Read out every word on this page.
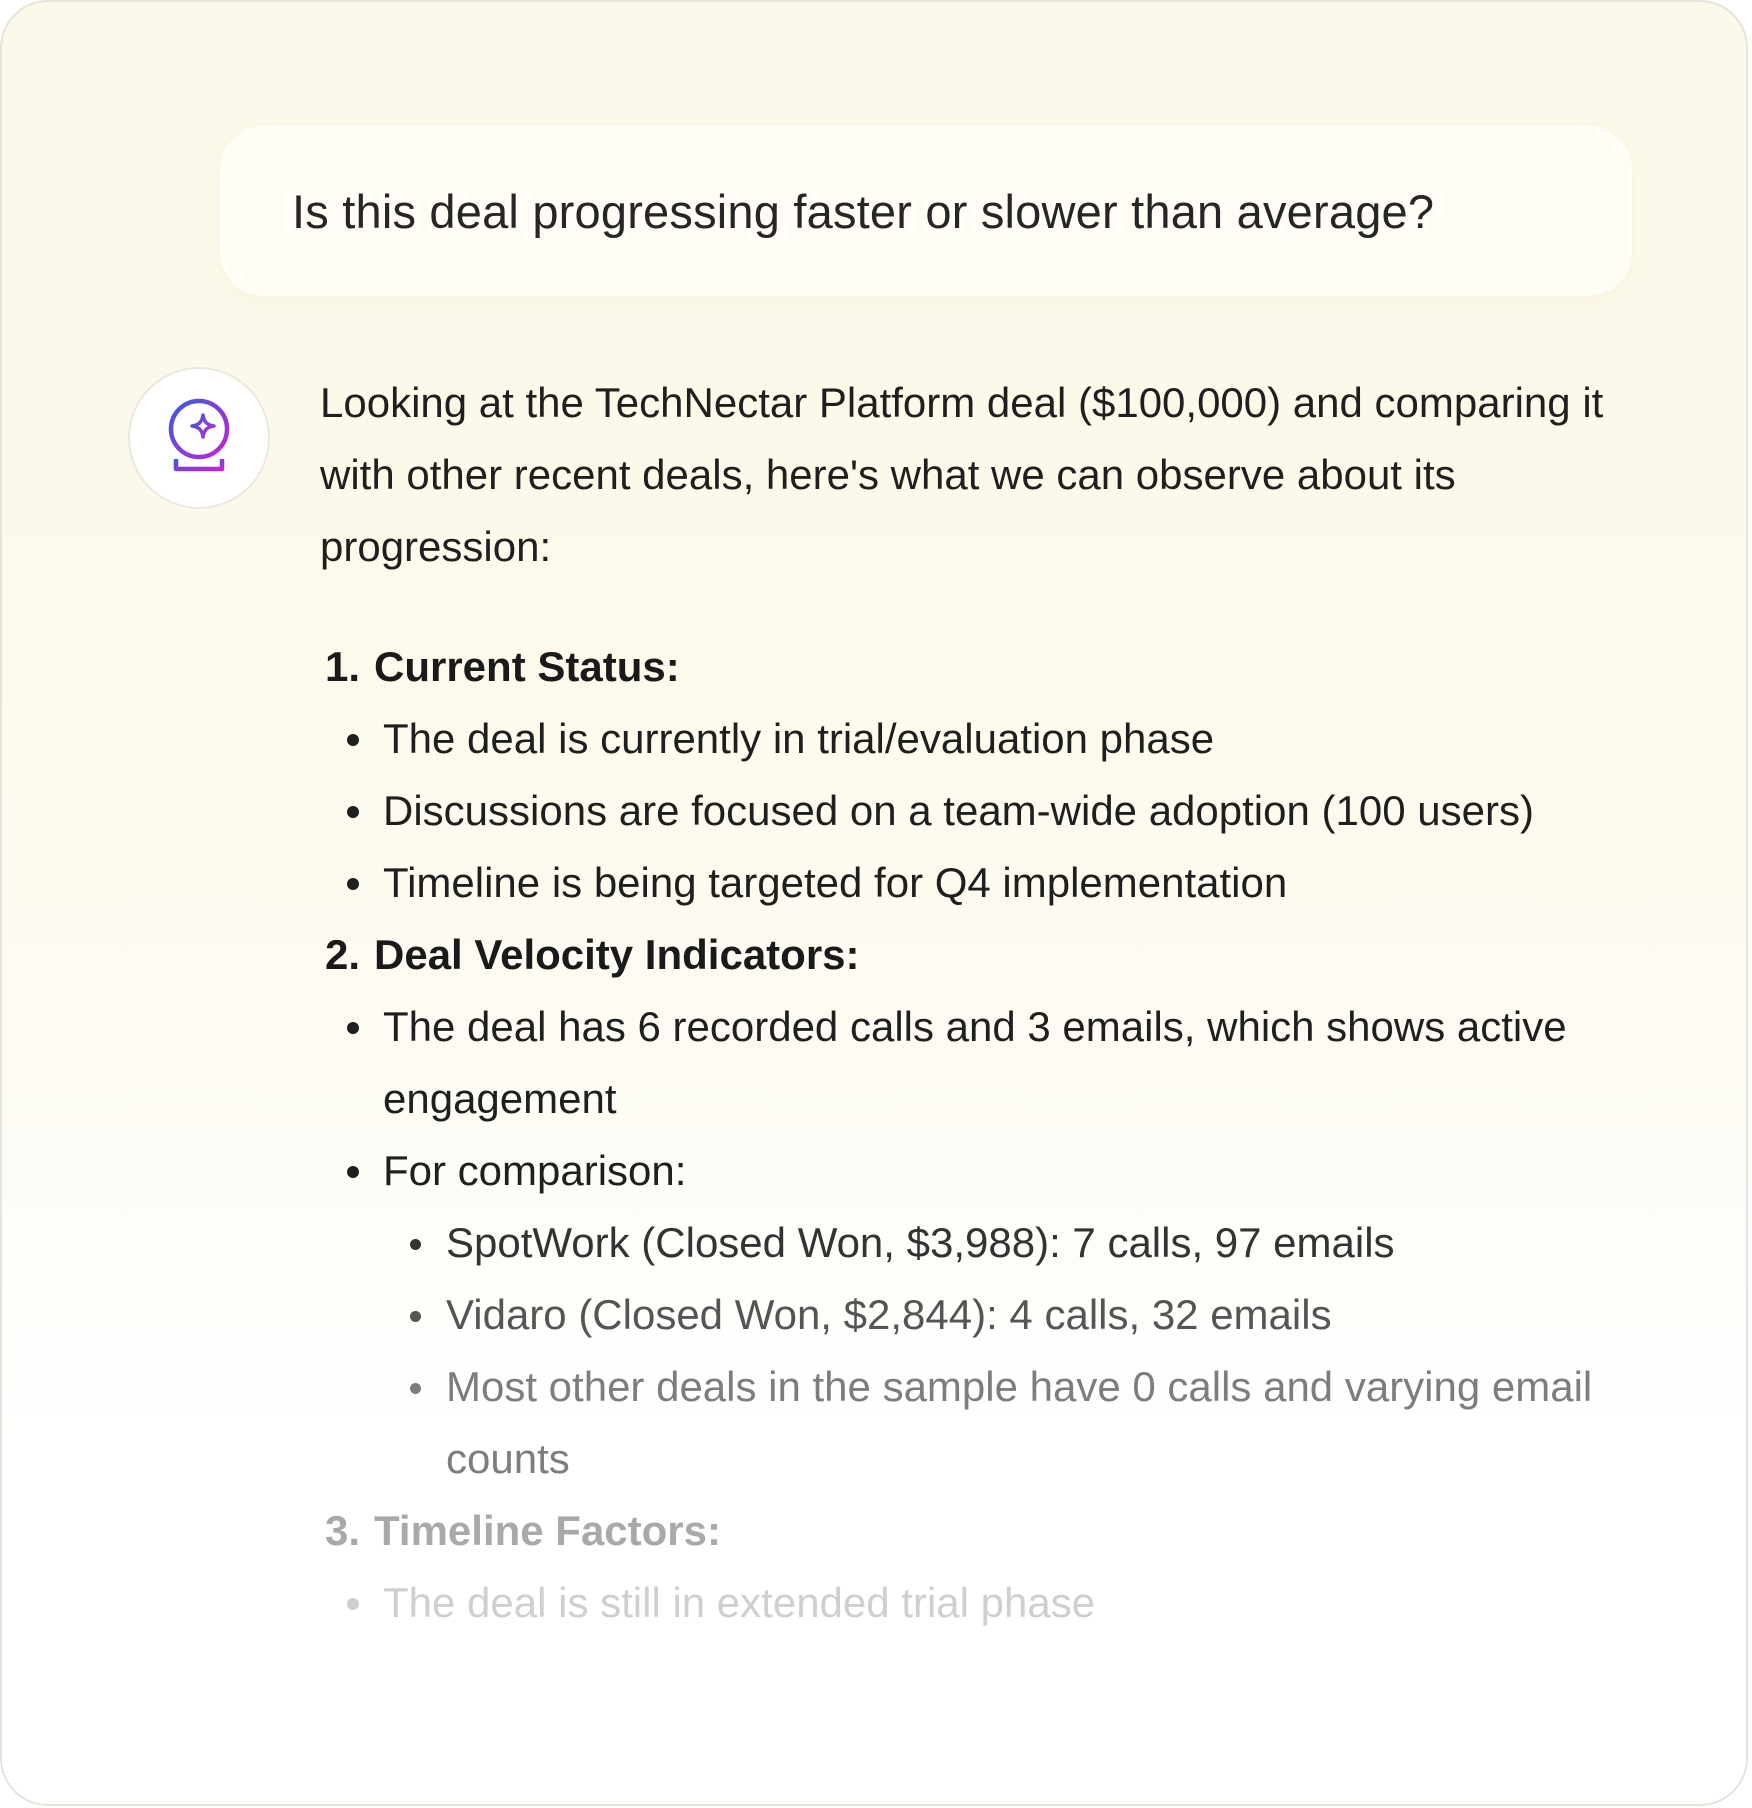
Is this deal progressing faster or slower than average?

Looking at the TechNectar Platform deal ($100,000) and comparing it with other recent deals, here's what we can observe about its progression:

1. Current Status:
The deal is currently in trial/evaluation phase
Discussions are focused on a team-wide adoption (100 users)
Timeline is being targeted for Q4 implementation
2. Deal Velocity Indicators:
The deal has 6 recorded calls and 3 emails, which shows active engagement
For comparison:
SpotWork (Closed Won, $3,988): 7 calls, 97 emails
Vidaro (Closed Won, $2,844): 4 calls, 32 emails
Most other deals in the sample have 0 calls and varying email counts
3. Timeline Factors:
The deal is still in extended trial phase
